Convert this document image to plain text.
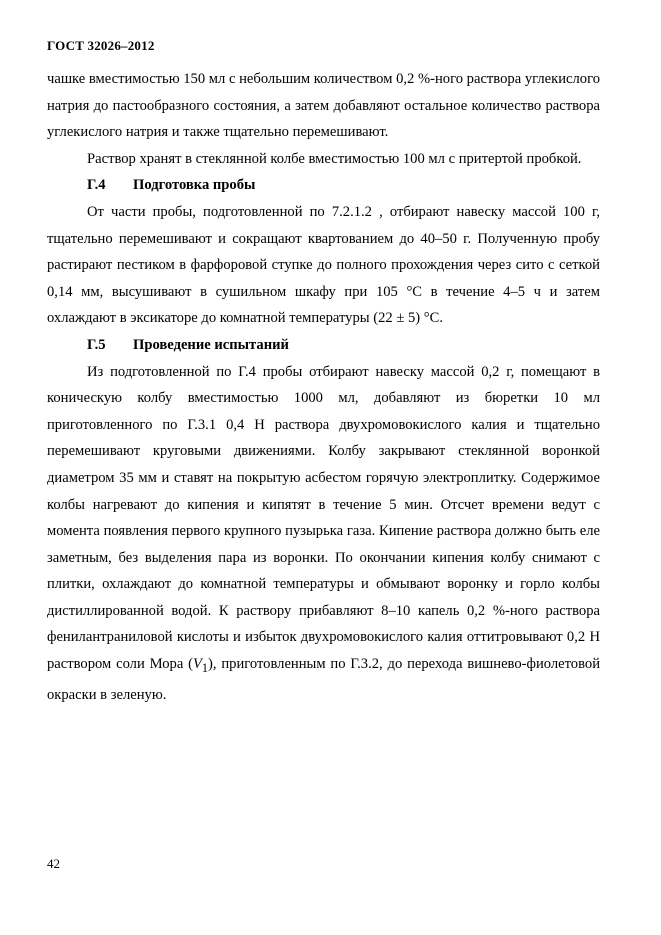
ГОСТ 32026–2012

чашке вместимостью 150 мл с небольшим количеством 0,2 %-ного раствора углекислого натрия до пастообразного состояния, а затем добавляют остальное количество раствора углекислого натрия и также тщательно перемешивают.

Раствор хранят в стеклянной колбе вместимостью 100 мл с притертой пробкой.

Г.4 Подготовка пробы

От части пробы, подготовленной по 7.2.1.2 , отбирают навеску массой 100 г, тщательно перемешивают и сокращают квартованием до 40–50 г. Полученную пробу растирают пестиком в фарфоровой ступке до полного прохождения через сито с сеткой 0,14 мм, высушивают в сушильном шкафу при 105 °С в течение 4–5 ч и затем охлаждают в эксикаторе до комнатной температуры (22 ± 5) °С.

Г.5 Проведение испытаний

Из подготовленной по Г.4 пробы отбирают навеску массой 0,2 г, помещают в коническую колбу вместимостью 1000 мл, добавляют из бюретки 10 мл приготовленного по Г.3.1 0,4 Н раствора двухромовокислого калия и тщательно перемешивают круговыми движениями. Колбу закрывают стеклянной воронкой диаметром 35 мм и ставят на покрытую асбестом горячую электроплитку. Содержимое колбы нагревают до кипения и кипятят в течение 5 мин. Отсчет времени ведут с момента появления первого крупного пузырька газа. Кипение раствора должно быть еле заметным, без выделения пара из воронки. По окончании кипения колбу снимают с плитки, охлаждают до комнатной температуры и обмывают воронку и горло колбы дистиллированной водой. К раствору прибавляют 8–10 капель 0,2 %-ного раствора фенилантраниловой кислоты и избыток двухромовокислого калия оттитровывают 0,2 Н раствором соли Мора $(V_1)$, приготовленным по Г.3.2, до перехода вишнево-фиолетовой окраски в зеленую.

42
